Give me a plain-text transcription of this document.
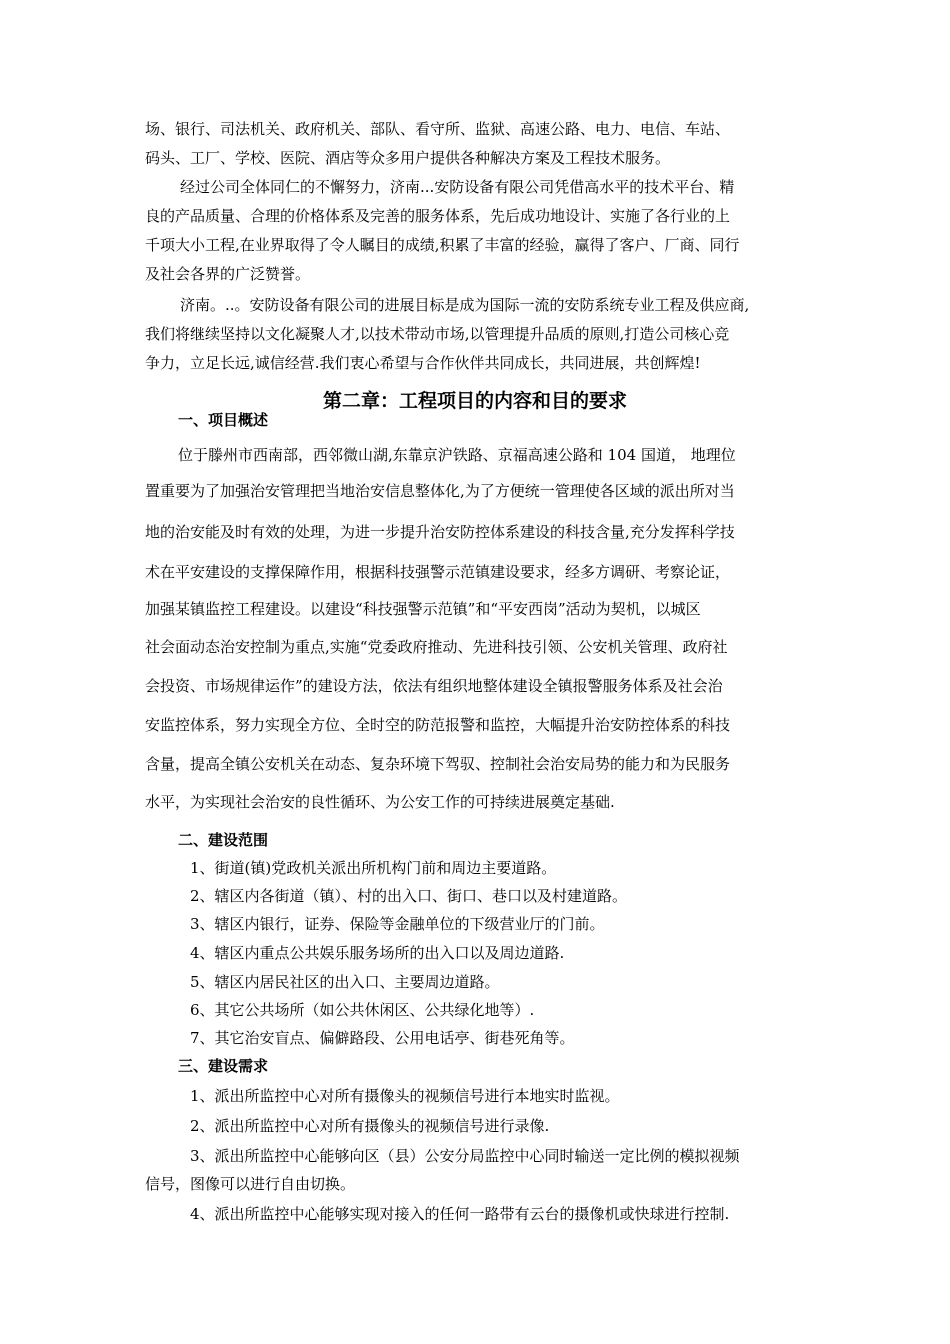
场、银行、司法机关、政府机关、部队、看守所、监狱、高速公路、电力、电信、车站、
码头、工厂、学校、医院、酒店等众多用户提供各种解决方案及工程技术服务。
经过公司全体同仁的不懈努力，济南...安防设备有限公司凭借高水平的技术平台、精
良的产品质量、合理的价格体系及完善的服务体系，先后成功地设计、实施了各行业的上
千项大小工程,在业界取得了令人瞩目的成绩,积累了丰富的经验，赢得了客户、厂商、同行
及社会各界的广泛赞誉。
济南。..。安防设备有限公司的进展目标是成为国际一流的安防系统专业工程及供应商,
我们将继续坚持以文化凝聚人才,以技术带动市场,以管理提升品质的原则,打造公司核心竞
争力，立足长远,诚信经营.我们衷心希望与合作伙伴共同成长，共同进展，共创辉煌!
第二章：工程项目的内容和目的要求
一、项目概述
位于滕州市西南部，西邻微山湖,东靠京沪铁路、京福高速公路和 104 国道， 地理位
置重要为了加强治安管理把当地治安信息整体化,为了方便统一管理使各区域的派出所对当
地的治安能及时有效的处理，为进一步提升治安防控体系建设的科技含量,充分发挥科学技
术在平安建设的支撑保障作用，根据科技强警示范镇建设要求，经多方调研、考察论证，
加强某镇监控工程建设。以建设“科技强警示范镇”和“平安西岗”活动为契机，以城区
社会面动态治安控制为重点,实施“党委政府推动、先进科技引领、公安机关管理、政府社
会投资、市场规律运作”的建设方法，依法有组织地整体建设全镇报警服务体系及社会治
安监控体系，努力实现全方位、全时空的防范报警和监控，大幅提升治安防控体系的科技
含量，提高全镇公安机关在动态、复杂环境下驾驭、控制社会治安局势的能力和为民服务
水平，为实现社会治安的良性循环、为公安工作的可持续进展奠定基础.
二、建设范围
1、街道(镇)党政机关派出所机构门前和周边主要道路。
2、辖区内各街道（镇）、村的出入口、街口、巷口以及村建道路。
3、辖区内银行，证券、保险等金融单位的下级营业厅的门前。
4、辖区内重点公共娱乐服务场所的出入口以及周边道路.
5、辖区内居民社区的出入口、主要周边道路。
6、其它公共场所（如公共休闲区、公共绿化地等）.
7、其它治安盲点、偏僻路段、公用电话亭、街巷死角等。
三、建设需求
1、派出所监控中心对所有摄像头的视频信号进行本地实时监视。
2、派出所监控中心对所有摄像头的视频信号进行录像.
3、派出所监控中心能够向区（县）公安分局监控中心同时输送一定比例的模拟视频
信号，图像可以进行自由切换。
4、派出所监控中心能够实现对接入的任何一路带有云台的摄像机或快球进行控制.
